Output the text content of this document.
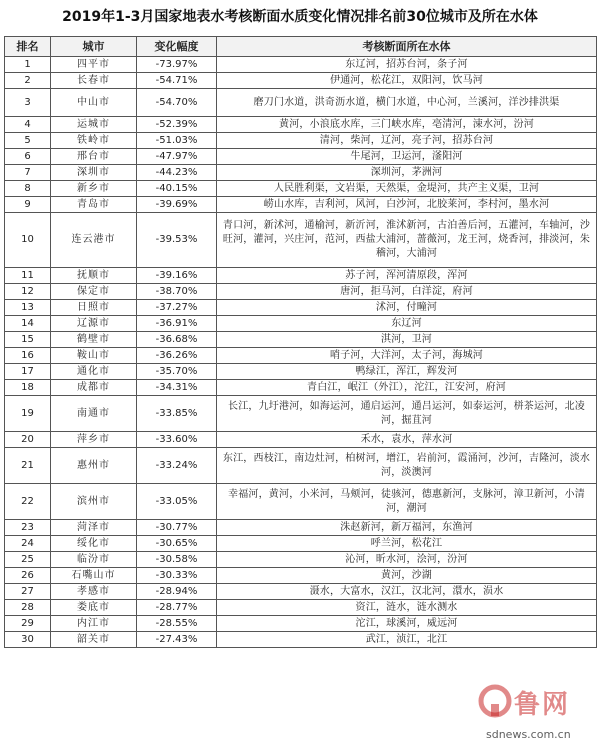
2019年1-3月国家地表水考核断面水质变化情况排名前30位城市及所在水体
排名	城市	变化幅度	考核断面所在水体
1	四平市	-73.97%	东辽河，招苏台河，条子河
2	长春市	-54.71%	伊通河，松花江，双阳河，饮马河
3	中山市	-54.70%	磨刀门水道，洪奇沥水道，横门水道，中心河，兰溪河，洋沙排洪渠
4	运城市	-52.39%	黄河，小浪底水库，三门峡水库，亳清河，涑水河，汾河
5	铁岭市	-51.03%	清河，柴河，辽河，亮子河，招苏台河
6	邢台市	-47.97%	牛尾河，卫运河，滏阳河
7	深圳市	-44.23%	深圳河，茅洲河
8	新乡市	-40.15%	人民胜利渠，文岩渠，天然渠，金堤河，共产主义渠，卫河
9	青岛市	-39.69%	崂山水库，吉利河，风河，白沙河，北胶莱河，李村河，墨水河
10	连云港市	-39.53%	青口河，新沭河，通榆河，新沂河，淮沭新河，古泊善后河，五灌河，车轴河，沙旺河，灌河，兴庄河，范河，西盐大浦河，蔷薇河，龙王河，烧香河，排淡河，朱稽河，大浦河
11	抚顺市	-39.16%	苏子河，浑河清原段，浑河
12	保定市	-38.70%	唐河，拒马河，白洋淀，府河
13	日照市	-37.27%	沭河，付疃河
14	辽源市	-36.91%	东辽河
15	鹤壁市	-36.68%	淇河，卫河
16	鞍山市	-36.26%	哨子河，大洋河，太子河，海城河
17	通化市	-35.70%	鸭绿江，浑江，辉发河
18	成都市	-34.31%	青白江，岷江（外江），沱江，江安河，府河
19	南通市	-33.85%	长江，九圩港河，如海运河，通启运河，通吕运河，如泰运河，栟茶运河，北凌河，掘苴河
20	萍乡市	-33.60%	禾水，袁水，萍水河
21	惠州市	-33.24%	东江，西枝江，南边灶河，柏树河，增江，岩前河，霞涌河，沙河，吉隆河，淡水河，淡澳河
22	滨州市	-33.05%	幸福河，黄河，小米河，马颊河，徒骇河，德惠新河，支脉河，漳卫新河，小清河，潮河
23	菏泽市	-30.77%	洙赵新河，新万福河，东渔河
24	绥化市	-30.65%	呼兰河，松花江
25	临汾市	-30.58%	沁河，昕水河，浍河，汾河
26	石嘴山市	-30.33%	黄河，沙湖
27	孝感市	-28.94%	滠水，大富水，汉江，汉北河，澴水，涢水
28	娄底市	-28.77%	资江，涟水，涟水测水
29	内江市	-28.55%	沱江，球溪河，威远河
30	韶关市	-27.43%	武江，浈江，北江
鲁网
sdnews.com.cn
